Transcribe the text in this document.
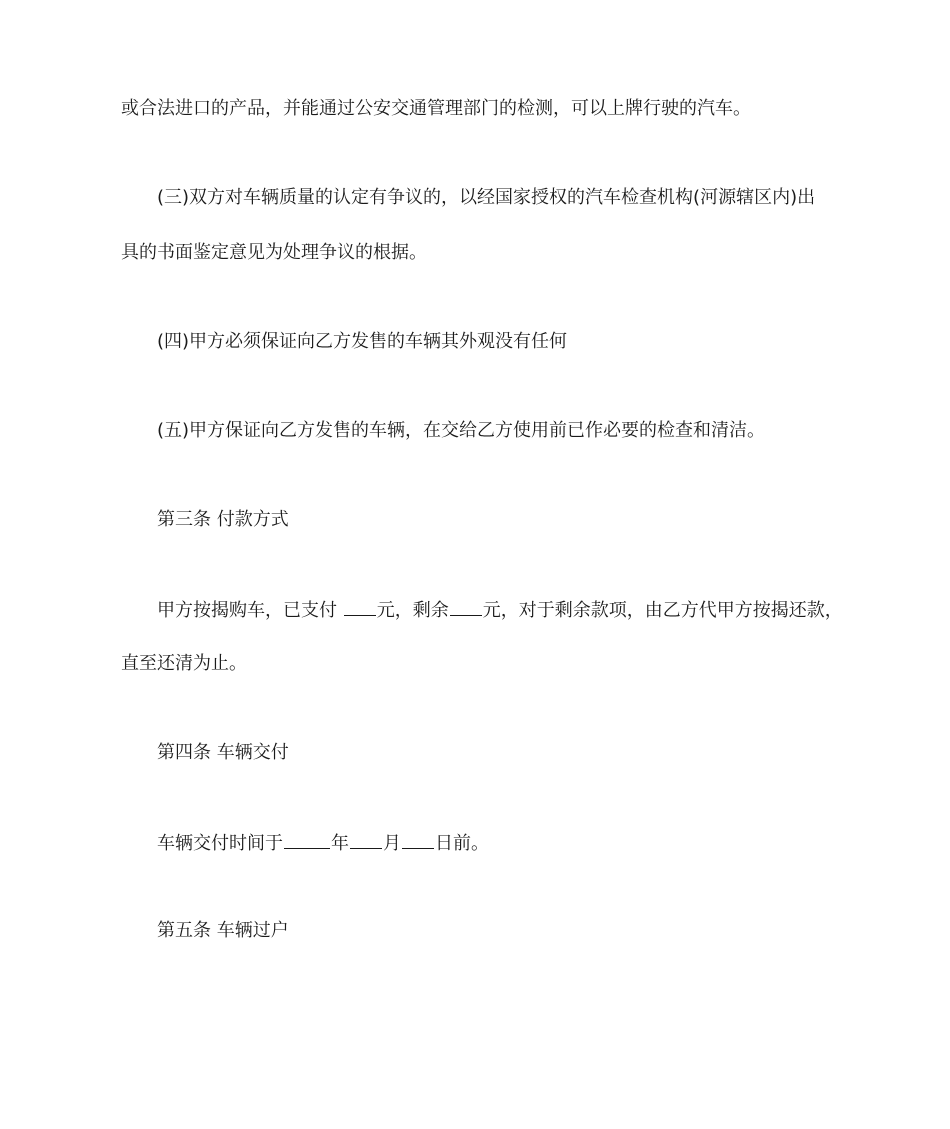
或合法进口的产品，并能通过公安交通管理部门的检测，可以上牌行驶的汽车。
(三)双方对车辆质量的认定有争议的，以经国家授权的汽车检查机构(河源辖区内)出
具的书面鉴定意见为处理争议的根据。
(四)甲方必须保证向乙方发售的车辆其外观没有任何
(五)甲方保证向乙方发售的车辆，在交给乙方使用前已作必要的检查和清洁。
第三条 付款方式
甲方按揭购车，已支付 元，剩余 元，对于剩余款项，由乙方代甲方按揭还款，
直至还清为止。
第四条 车辆交付
车辆交付时间于	年 月 日前。
第五条 车辆过户
